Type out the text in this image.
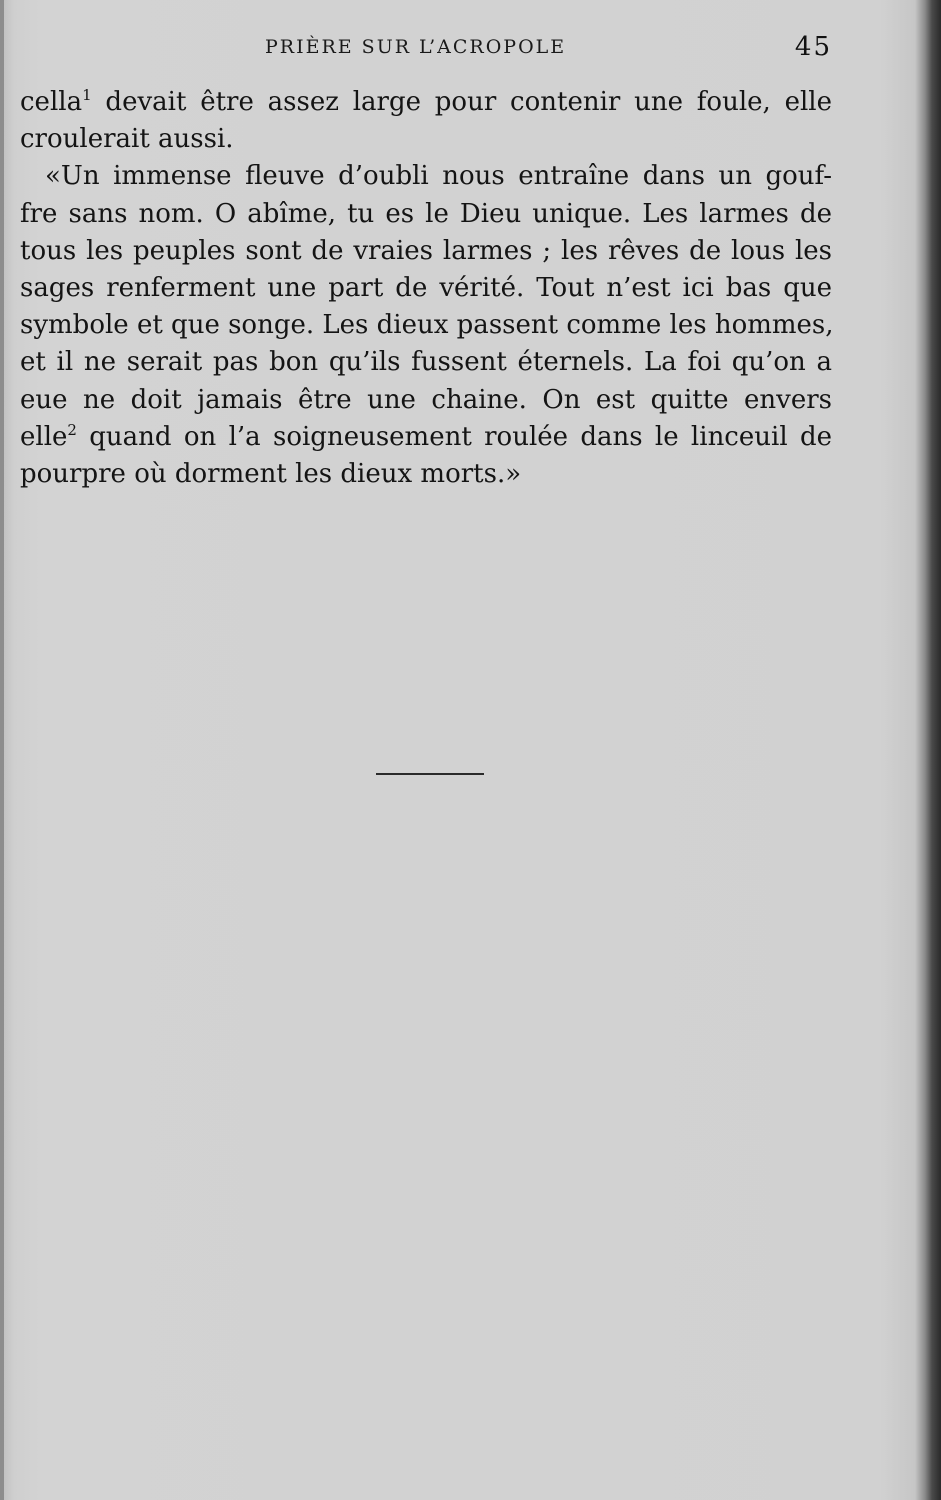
PRIÈRE SUR L’ACROPOLE	45
cella$^1$ devait être assez large pour contenir une foule, elle
croulerait aussi.
«Un immense fleuve d’oubli nous entraîne dans un gouf-
fre sans nom. O abîme, tu es le Dieu unique. Les larmes de
tous les peuples sont de vraies larmes ; les rêves de lous les
sages renferment une part de vérité. Tout n’est ici bas que
symbole et que songe. Les dieux passent comme les hommes,
et il ne serait pas bon qu’ils fussent éternels. La foi qu’on a
eue ne doit jamais être une chaine. On est quitte envers
elle$^2$ quand on l’a soigneusement roulée dans le linceuil de
pourpre où dorment les dieux morts.»
